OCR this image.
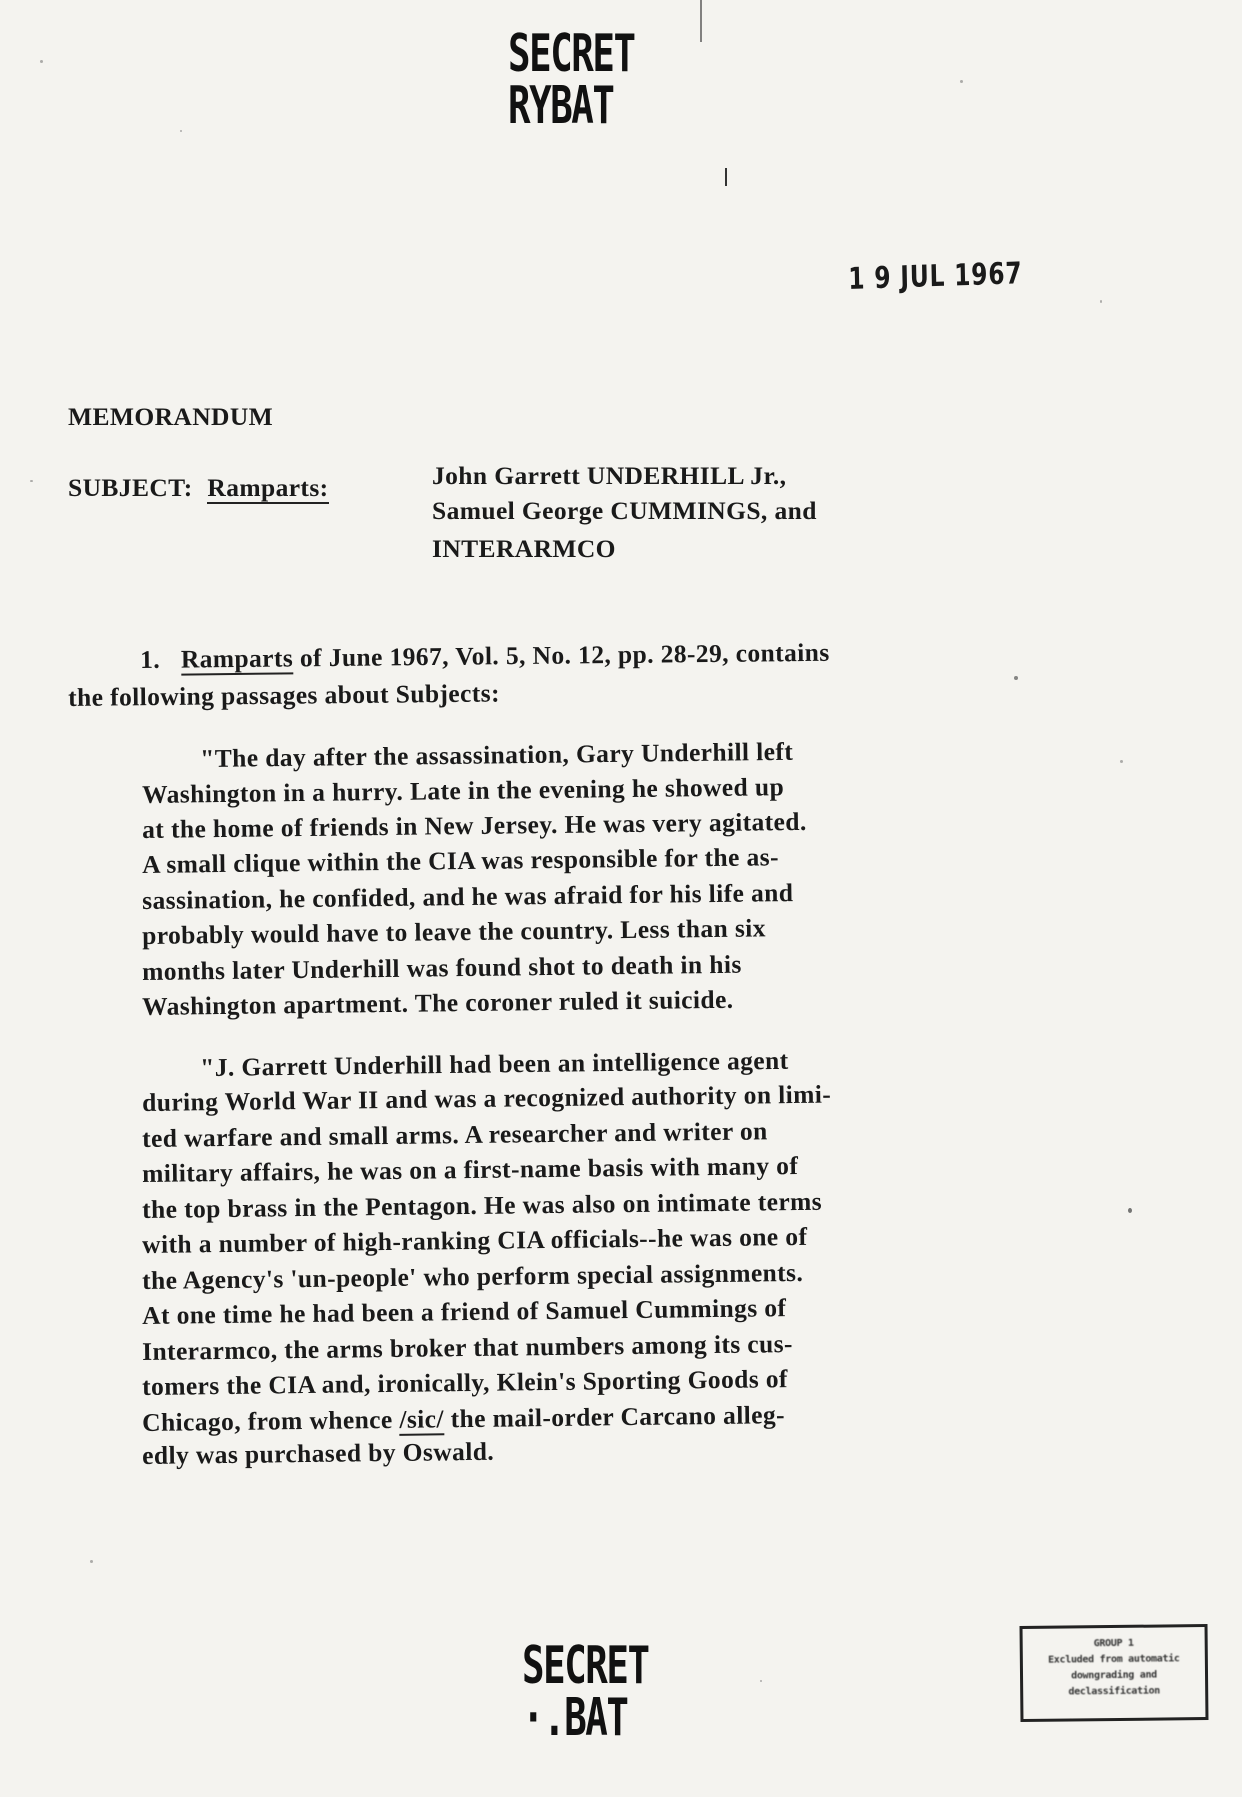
SECRET
RYBAT
1 9 JUL 1967
MEMORANDUM
SUBJECT: Ramparts:	John Garrett UNDERHILL Jr.,
Samuel George CUMMINGS, and
INTERARMCO
1. Ramparts of June 1967, Vol. 5, No. 12, pp. 28-29, contains
the following passages about Subjects:
"The day after the assassination, Gary Underhill left
Washington in a hurry. Late in the evening he showed up
at the home of friends in New Jersey. He was very agitated.
A small clique within the CIA was responsible for the as-
sassination, he confided, and he was afraid for his life and
probably would have to leave the country. Less than six
months later Underhill was found shot to death in his
Washington apartment. The coroner ruled it suicide.
"J. Garrett Underhill had been an intelligence agent
during World War II and was a recognized authority on limi-
ted warfare and small arms. A researcher and writer on
military affairs, he was on a first-name basis with many of
the top brass in the Pentagon. He was also on intimate terms
with a number of high-ranking CIA officials--he was one of
the Agency's 'un-people' who perform special assignments.
At one time he had been a friend of Samuel Cummings of
Interarmco, the arms broker that numbers among its cus-
tomers the CIA and, ironically, Klein's Sporting Goods of
Chicago, from whence /sic/ the mail-order Carcano alleg-
edly was purchased by Oswald.
SECRET
·.BAT
GROUP 1
Excluded from automatic
downgrading and
declassification
